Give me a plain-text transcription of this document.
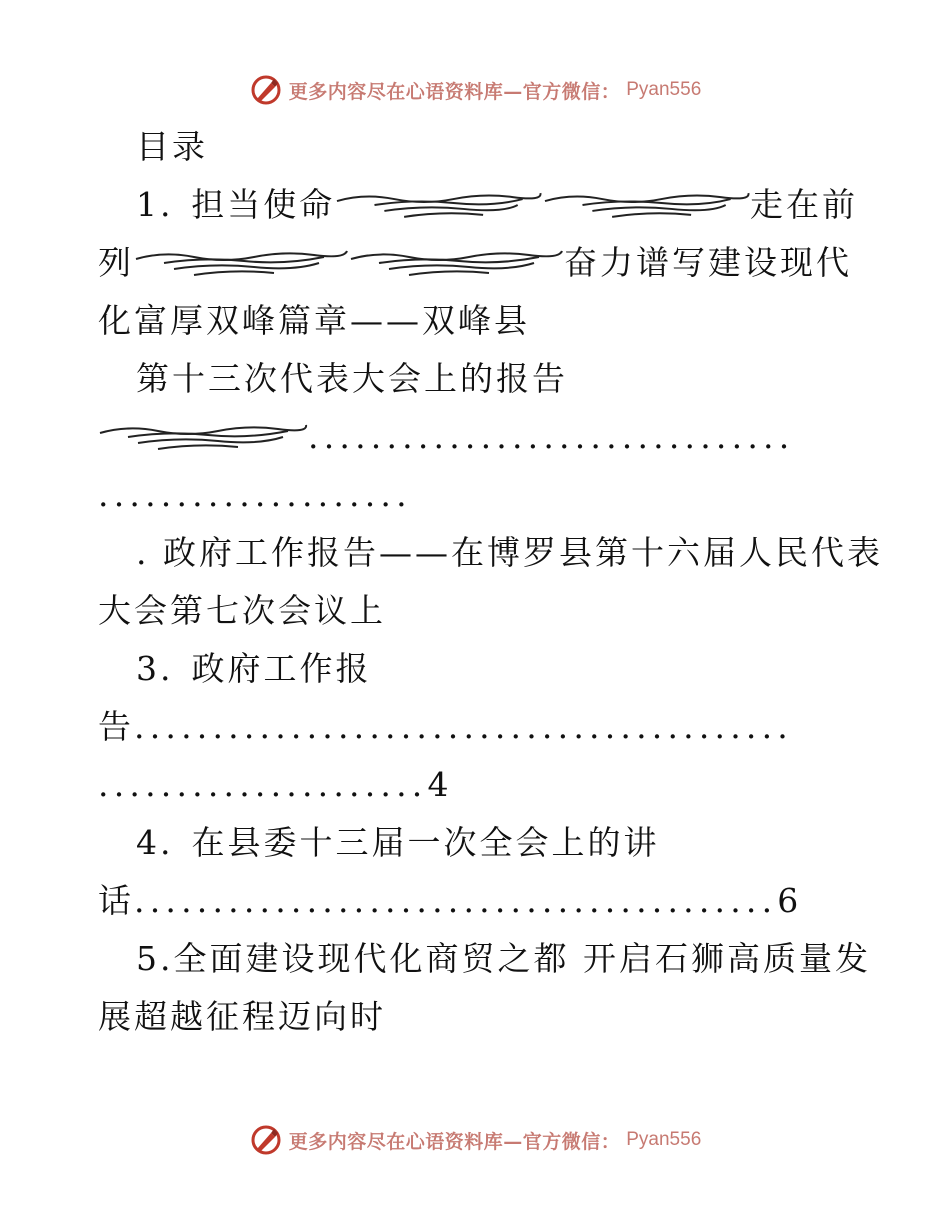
更多内容尽在心语资料库—官方微信： Pyan556
目录
1. 担当使命	走在前
列	奋力谱写建设现代
化富厚双峰篇章——双峰县
第十三次代表大会上的报告
...............................
....................
. 政府工作报告——在博罗县第十六届人民代表
大会第七次会议上
3. 政府工作报
告 ..........................................
..................... 4
4. 在县委十三届一次全会上的讲
话 ......................................... 6
5. 全面建设现代化商贸之都 开启石狮高质量发
展超越征程迈向时
更多内容尽在心语资料库—官方微信： Pyan556
